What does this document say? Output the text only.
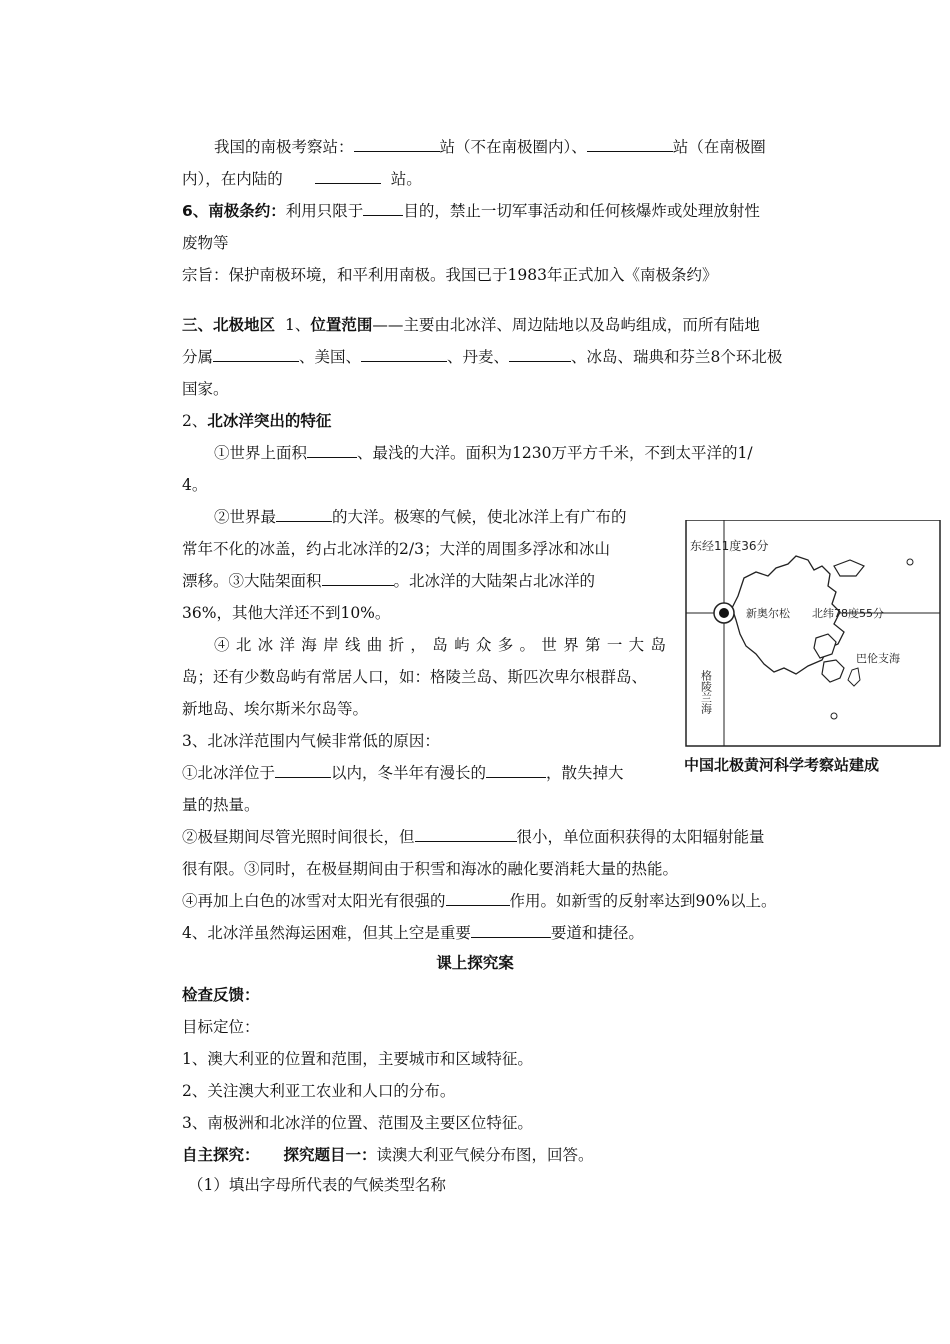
我国的南极考察站：	站（不在南极圈内）、	站（在南极圈
内），在内陆的	站。
6、南极条约：利用只限于	目的，禁止一切军事活动和任何核爆炸或处理放射性
废物等
宗旨：保护南极环境，和平利用南极。我国已于1983年正式加入《南极条约》
三、北极地区 1、位置范围——主要由北冰洋、周边陆地以及岛屿组成，而所有陆地
分属	、美国、	、丹麦、	、冰岛、瑞典和芬兰8个环北极
国家。
2、北冰洋突出的特征
①世界上面积	、最浅的大洋。面积为1230万平方千米，不到太平洋的1/
4。
②世界最	的大洋。极寒的气候，使北冰洋上有广布的
常年不化的冰盖，约占北冰洋的2/3；大洋的周围多浮冰和冰山
漂移。③大陆架面积	。北冰洋的大陆架占北冰洋的
36%，其他大洋还不到10%。
④北冰洋海岸线曲折，岛屿众多。世界第一大岛
岛；还有少数岛屿有常居人口，如：格陵兰岛、斯匹次卑尔根群岛、
新地岛、埃尔斯米尔岛等。
3、北冰洋范围内气候非常低的原因：
①北冰洋位于	以内，冬半年有漫长的	，散失掉大
量的热量。
②极昼期间尽管光照时间很长，但	很小，单位面积获得的太阳辐射能量
很有限。③同时，在极昼期间由于积雪和海冰的融化要消耗大量的热能。
④再加上白色的冰雪对太阳光有很强的	作用。如新雪的反射率达到90%以上。
4、北冰洋虽然海运困难，但其上空是重要	要道和捷径。
课上探究案
检查反馈：
目标定位：
1、澳大利亚的位置和范围，主要城市和区域特征。
2、关注澳大利亚工农业和人口的分布。
3、南极洲和北冰洋的位置、范围及主要区位特征。
自主探究： 探究题目一：读澳大利亚气候分布图，回答。
（1）填出字母所代表的气候类型名称
东经11度36分
新奥尔松 北纬78度55分
巴伦支海
格陵兰海
中国北极黄河科学考察站建成
